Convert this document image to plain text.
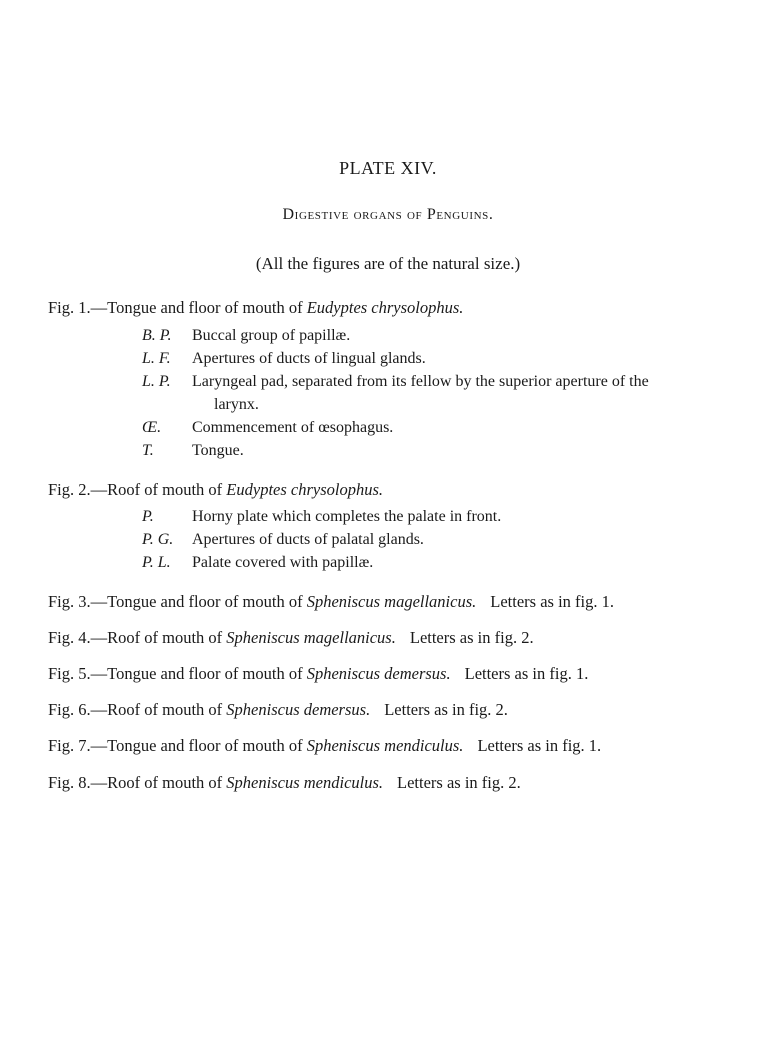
PLATE XIV.
Digestive organs of Penguins.
(All the figures are of the natural size.)
Fig. 1.—Tongue and floor of mouth of Eudyptes chrysolophus.
B. P. Buccal group of papillæ.
L. F. Apertures of ducts of lingual glands.
L. P. Laryngeal pad, separated from its fellow by the superior aperture of the
larynx.
Œ. Commencement of œsophagus.
T. Tongue.
Fig. 2.—Roof of mouth of Eudyptes chrysolophus.
P. Horny plate which completes the palate in front.
P. G. Apertures of ducts of palatal glands.
P. L. Palate covered with papillæ.
Fig. 3.—Tongue and floor of mouth of Spheniscus magellanicus. Letters as in fig. 1.
Fig. 4.—Roof of mouth of Spheniscus magellanicus. Letters as in fig. 2.
Fig. 5.—Tongue and floor of mouth of Spheniscus demersus. Letters as in fig. 1.
Fig. 6.—Roof of mouth of Spheniscus demersus. Letters as in fig. 2.
Fig. 7.—Tongue and floor of mouth of Spheniscus mendiculus. Letters as in fig. 1.
Fig. 8.—Roof of mouth of Spheniscus mendiculus. Letters as in fig. 2.
